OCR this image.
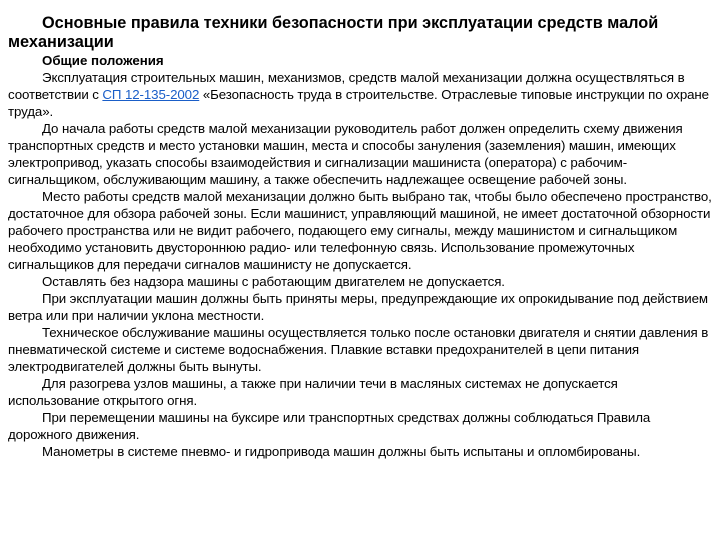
Основные правила техники безопасности при эксплуатации средств малой механизации
Общие положения

Эксплуатация строительных машин, механизмов, средств малой механизации должна осуществляться в соответствии с СП 12-135-2002 «Безопасность труда в строительстве. Отраслевые типовые инструкции по охране труда».

До начала работы средств малой механизации руководитель работ должен определить схему движения транспортных средств и место установки машин, места и способы зануления (заземления) машин, имеющих электропривод, указать способы взаимодействия и сигнализации машиниста (оператора) с рабочим-сигнальщиком, обслуживающим машину, а также обеспечить надлежащее освещение рабочей зоны.

Место работы средств малой механизации должно быть выбрано так, чтобы было обеспечено пространство, достаточное для обзора рабочей зоны. Если машинист, управляющий машиной, не имеет достаточной обзорности рабочего пространства или не видит рабочего, подающего ему сигналы, между машинистом и сигнальщиком необходимо установить двустороннюю радио- или телефонную связь. Использование промежуточных сигнальщиков для передачи сигналов машинисту не допускается.

Оставлять без надзора машины с работающим двигателем не допускается.

При эксплуатации машин должны быть приняты меры, предупреждающие их опрокидывание под действием ветра или при наличии уклона местности.

Техническое обслуживание машины осуществляется только после остановки двигателя и снятии давления в пневматической системе и системе водоснабжения. Плавкие вставки предохранителей в цепи питания электродвигателей должны быть вынуты.

Для разогрева узлов машины, а также при наличии течи в масляных системах не допускается использование открытого огня.

При перемещении машины на буксире или транспортных средствах должны соблюдаться Правила дорожного движения.

Манометры в системе пневмо- и гидропривода машин должны быть испытаны и опломбированы.
